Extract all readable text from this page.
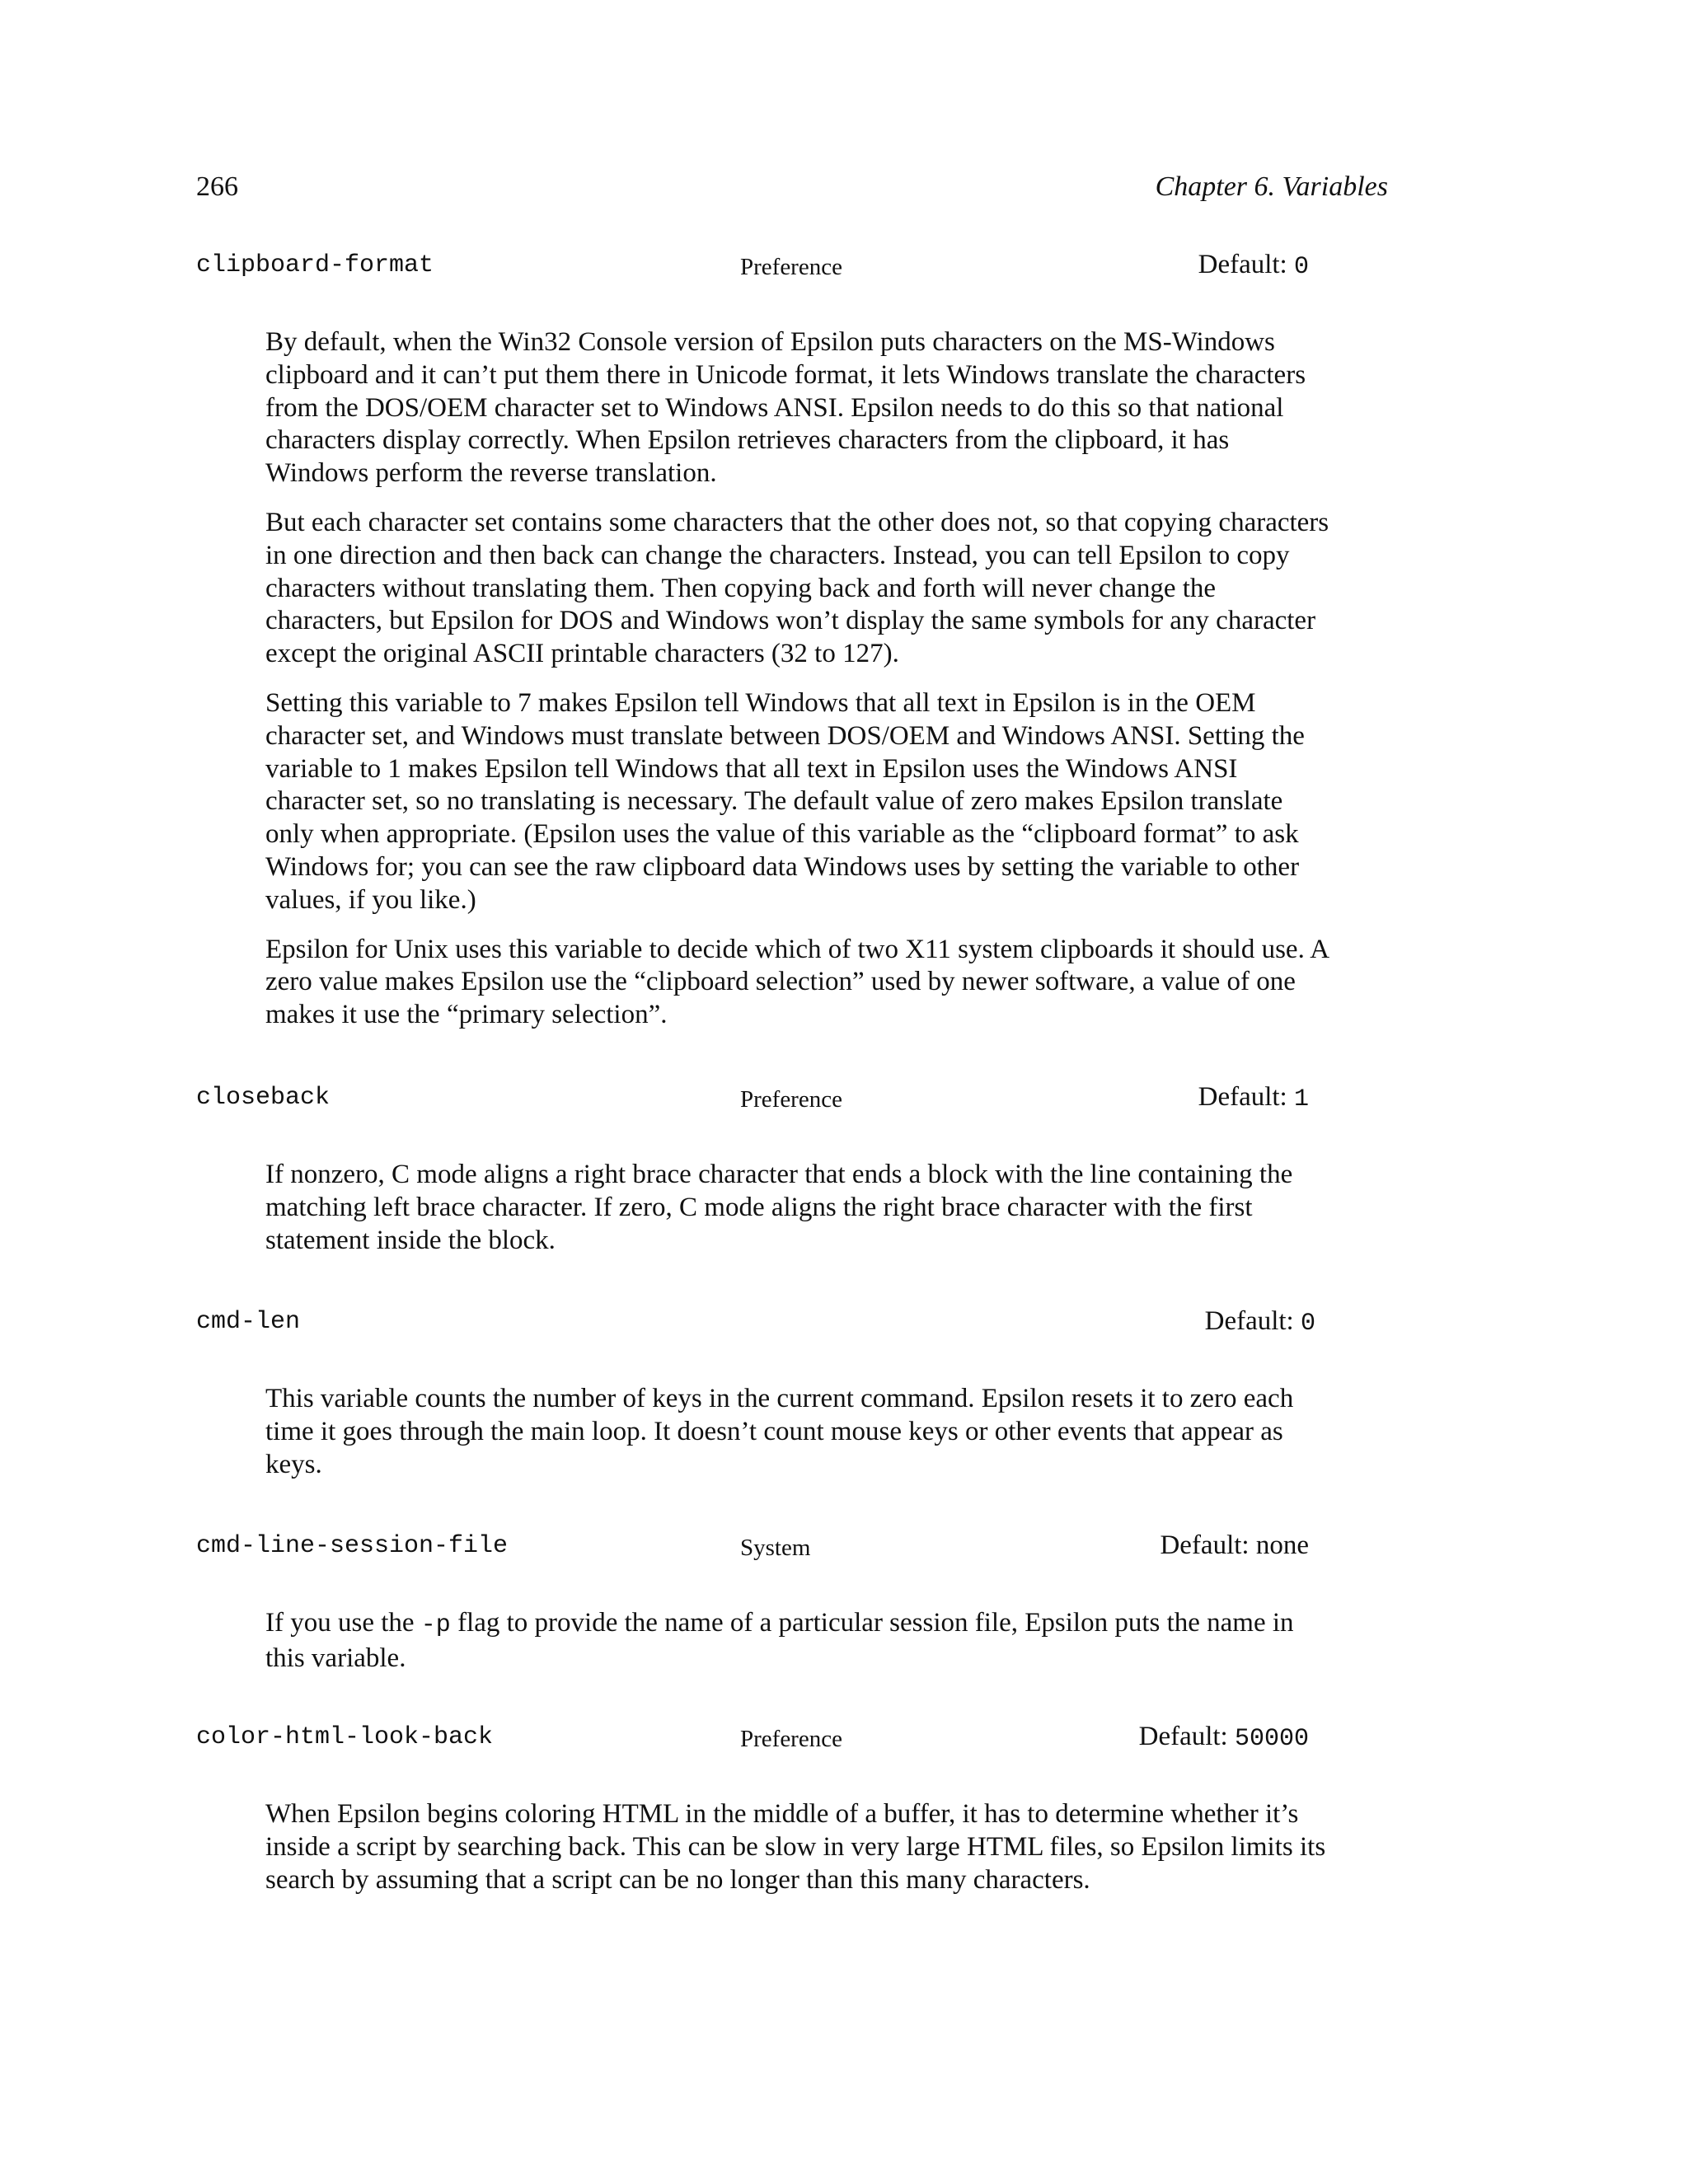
266	Chapter 6. Variables
clipboard-format	Preference	Default: 0

By default, when the Win32 Console version of Epsilon puts characters on the MS-Windows clipboard and it can’t put them there in Unicode format, it lets Windows translate the characters from the DOS/OEM character set to Windows ANSI. Epsilon needs to do this so that national characters display correctly. When Epsilon retrieves characters from the clipboard, it has Windows perform the reverse translation.

But each character set contains some characters that the other does not, so that copying characters in one direction and then back can change the characters. Instead, you can tell Epsilon to copy characters without translating them. Then copying back and forth will never change the characters, but Epsilon for DOS and Windows won’t display the same symbols for any character except the original ASCII printable characters (32 to 127).

Setting this variable to 7 makes Epsilon tell Windows that all text in Epsilon is in the OEM character set, and Windows must translate between DOS/OEM and Windows ANSI. Setting the variable to 1 makes Epsilon tell Windows that all text in Epsilon uses the Windows ANSI character set, so no translating is necessary. The default value of zero makes Epsilon translate only when appropriate. (Epsilon uses the value of this variable as the “clipboard format” to ask Windows for; you can see the raw clipboard data Windows uses by setting the variable to other values, if you like.)

Epsilon for Unix uses this variable to decide which of two X11 system clipboards it should use. A zero value makes Epsilon use the “clipboard selection” used by newer software, a value of one makes it use the “primary selection”.

closeback	Preference	Default: 1

If nonzero, C mode aligns a right brace character that ends a block with the line containing the matching left brace character. If zero, C mode aligns the right brace character with the first statement inside the block.

cmd-len	Default: 0

This variable counts the number of keys in the current command. Epsilon resets it to zero each time it goes through the main loop. It doesn’t count mouse keys or other events that appear as keys.

cmd-line-session-file	System	Default: none

If you use the -p flag to provide the name of a particular session file, Epsilon puts the name in this variable.

color-html-look-back	Preference	Default: 50000

When Epsilon begins coloring HTML in the middle of a buffer, it has to determine whether it’s inside a script by searching back. This can be slow in very large HTML files, so Epsilon limits its search by assuming that a script can be no longer than this many characters.
